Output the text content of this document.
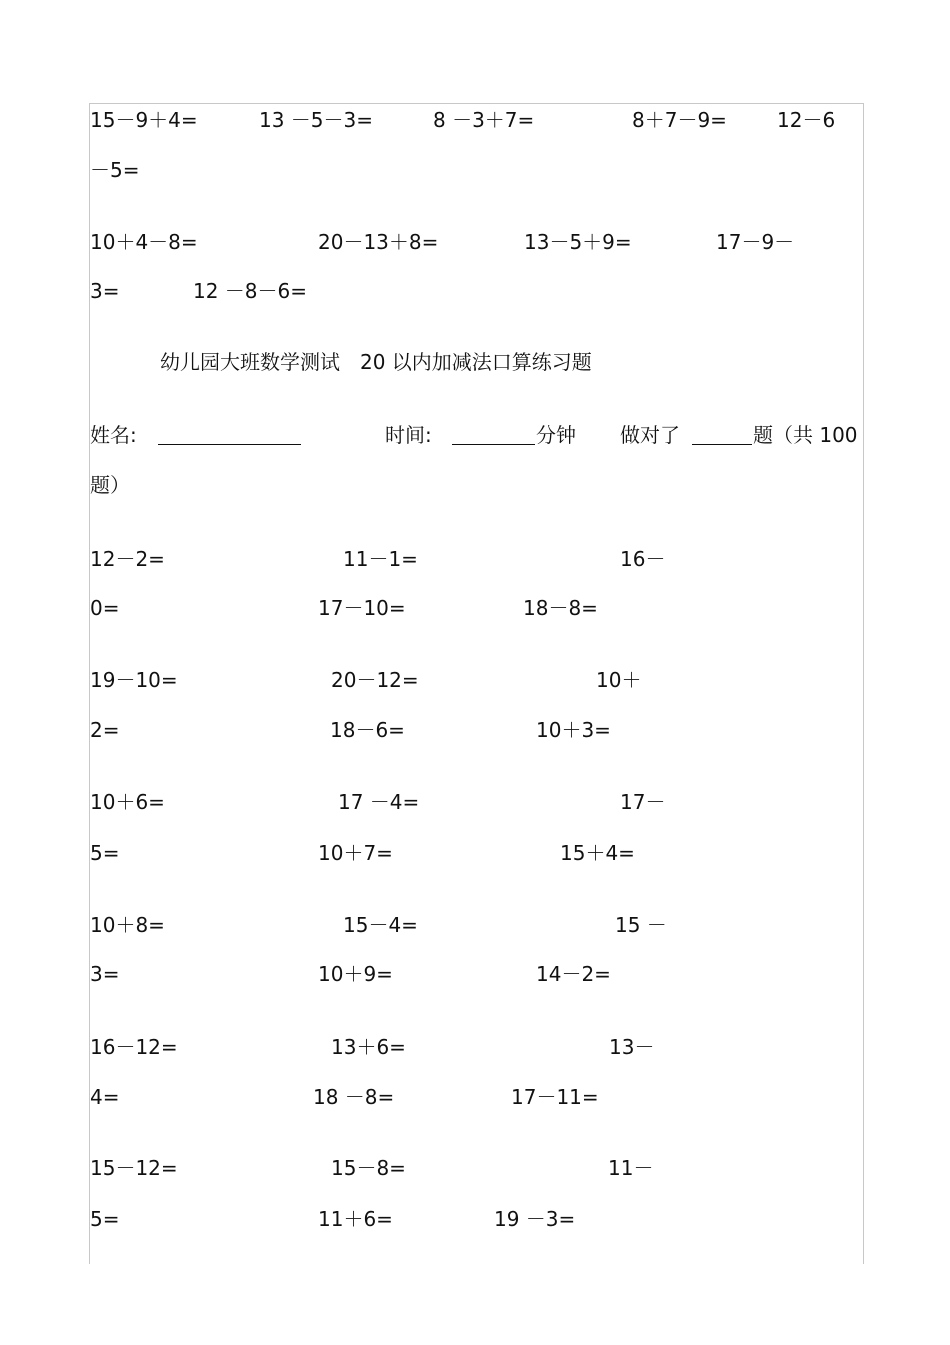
15－9＋4=	13 －5－3=	8 －3＋7=	8＋7－9=	12－6
－5=
10＋4－8=	20－13＋8=	13－5＋9=	17－9－
3=	12 －8－6=
幼儿园大班数学测试　20 以内加减法口算练习题
姓名:	时间:	分钟 做对了	题（共 100
题）
12－2=	11－1=	16－
0=	17－10=	18－8=
19－10=	20－12=	10＋
2=	18－6=	10＋3=
10＋6=	17 －4=	17－
5=	10＋7=	15＋4=
10＋8=	15－4=	15 －
3=	10＋9=	14－2=
16－12=	13＋6=	13－
4=	18 －8=	17－11=
15－12=	15－8=	11－
5=	11＋6=	19 －3=
